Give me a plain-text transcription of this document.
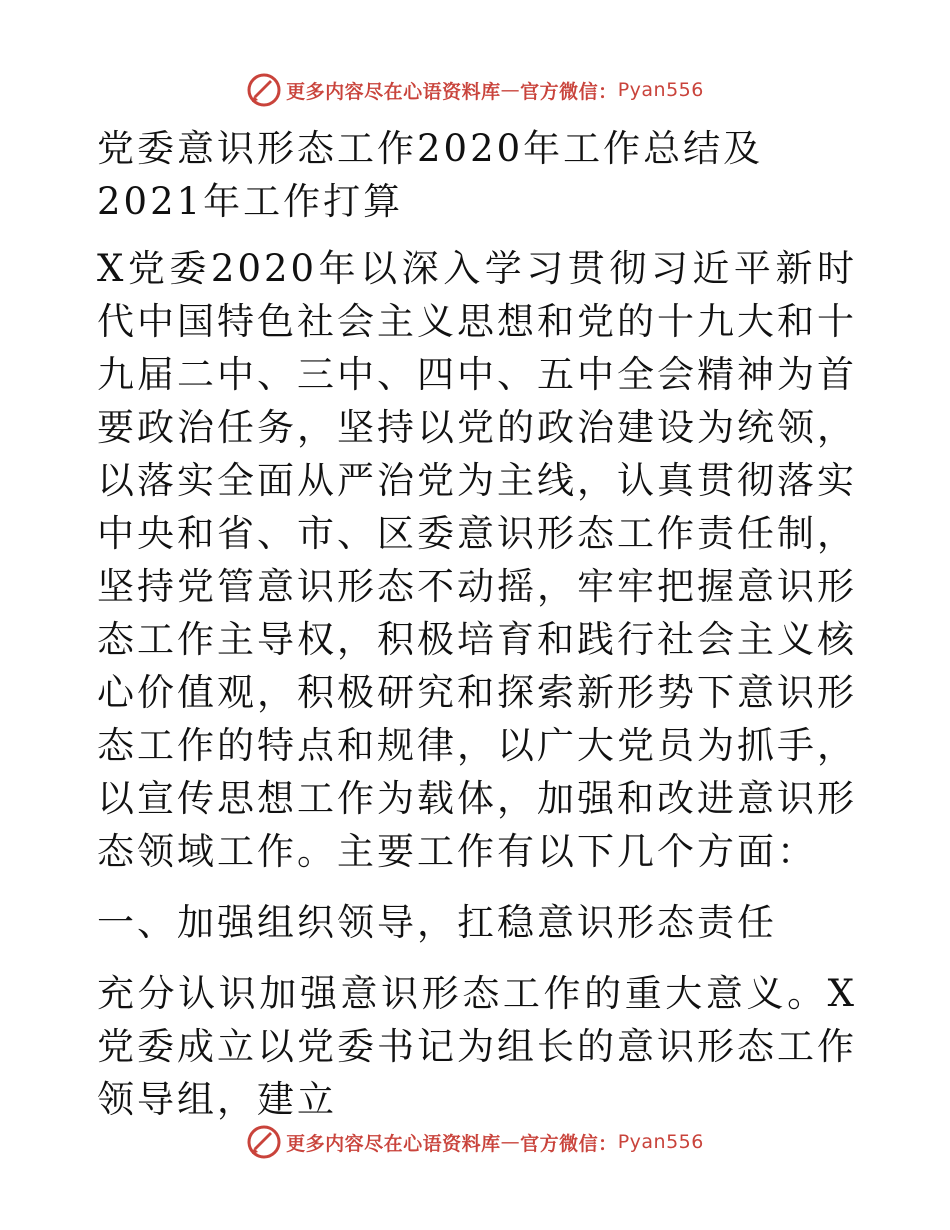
更多内容尽在心语资料库 — 官方微信： Pyan556
党委意识形态工作2020年工作总结及2021年工作打算

X党委2020年以深入学习贯彻习近平新时代中国特色社会主义思想和党的十九大和十九届二中、三中、四中、五中全会精神为首要政治任务，坚持以党的政治建设为统领，以落实全面从严治党为主线，认真贯彻落实中央和省、市、区委意识形态工作责任制，坚持党管意识形态不动摇，牢牢把握意识形态工作主导权，积极培育和践行社会主义核心价值观，积极研究和探索新形势下意识形态工作的特点和规律，以广大党员为抓手，以宣传思想工作为载体，加强和改进意识形态领域工作。主要工作有以下几个方面：

一、加强组织领导，扛稳意识形态责任

充分认识加强意识形态工作的重大意义。X党委成立以党委书记为组长的意识形态工作领导组，建立

更多内容尽在心语资料库 — 官方微信： Pyan556
